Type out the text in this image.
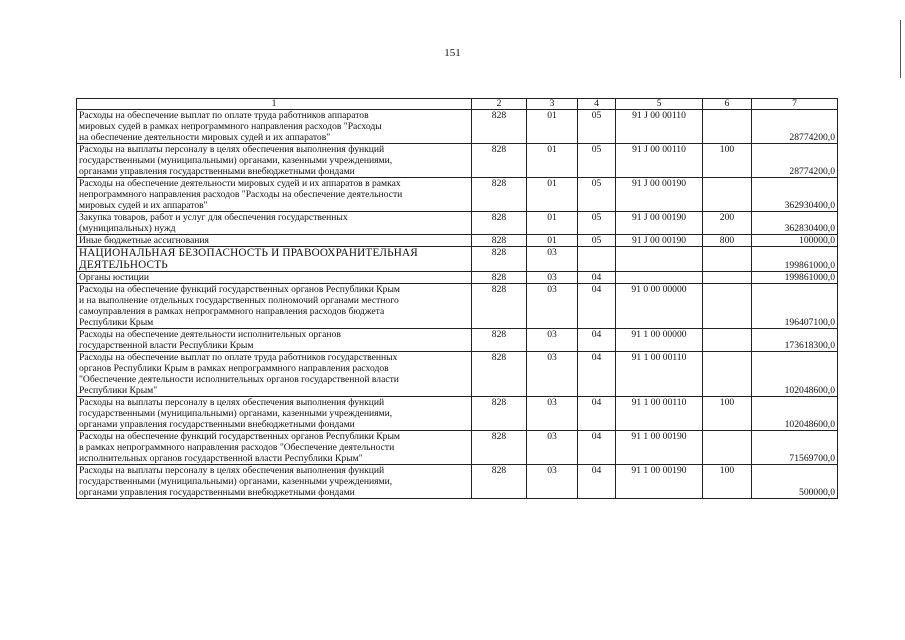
151
1	2	3	4	5	6	7
Расходы на обеспечение выплат по оплате труда работников аппаратов
мировых судей в рамках непрограммного направления расходов "Расходы
на обеспечение деятельности мировых судей и их аппаратов"	828	01	05	91 J 00 00110		28774200,0
Расходы на выплаты персоналу в целях обеспечения выполнения функций
государственными (муниципальными) органами, казенными учреждениями,
органами управления государственными внебюджетными фондами	828	01	05	91 J 00 00110	100	28774200,0
Расходы на обеспечение деятельности мировых судей и их аппаратов в рамках
непрограммного направления расходов "Расходы на обеспечение деятельности
мировых судей и их аппаратов"	828	01	05	91 J 00 00190		362930400,0
Закупка товаров, работ и услуг для обеспечения государственных
(муниципальных) нужд	828	01	05	91 J 00 00190	200	362830400,0
Иные бюджетные ассигнования	828	01	05	91 J 00 00190	800	100000,0
НАЦИОНАЛЬНАЯ БЕЗОПАСНОСТЬ И ПРАВООХРАНИТЕЛЬНАЯ
ДЕЯТЕЛЬНОСТЬ	828	03				199861000,0
Органы юстиции	828	03	04			199861000,0
Расходы на обеспечение функций государственных органов Республики Крым
и на выполнение отдельных государственных полномочий органами местного
самоуправления в рамках непрограммного направления расходов бюджета
Республики Крым	828	03	04	91 0 00 00000		196407100,0
Расходы на обеспечение деятельности исполнительных органов
государственной власти Республики Крым	828	03	04	91 1 00 00000		173618300,0
Расходы на обеспечение выплат по оплате труда работников государственных
органов Республики Крым в рамках непрограммного направления расходов
"Обеспечение деятельности исполнительных органов государственной власти
Республики Крым"	828	03	04	91 1 00 00110		102048600,0
Расходы на выплаты персоналу в целях обеспечения выполнения функций
государственными (муниципальными) органами, казенными учреждениями,
органами управления государственными внебюджетными фондами	828	03	04	91 1 00 00110	100	102048600,0
Расходы на обеспечение функций государственных органов Республики Крым
в рамках непрограммного направления расходов "Обеспечение деятельности
исполнительных органов государственной власти Республики Крым"	828	03	04	91 1 00 00190		71569700,0
Расходы на выплаты персоналу в целях обеспечения выполнения функций
государственными (муниципальными) органами, казенными учреждениями,
органами управления государственными внебюджетными фондами	828	03	04	91 1 00 00190	100	500000,0
